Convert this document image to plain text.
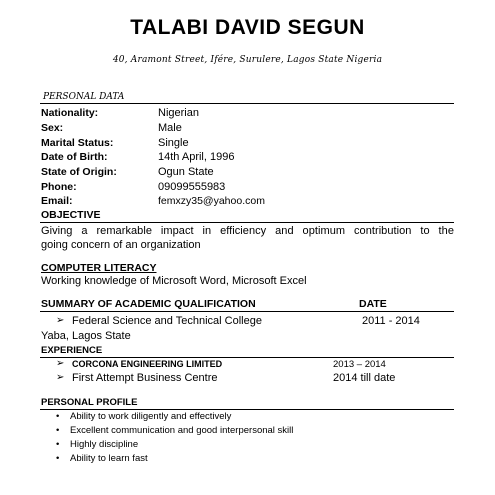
TALABI DAVID SEGUN
40, Aramont Street, Ifére, Surulere, Lagos State Nigeria
PERSONAL DATA
Nationality:	Nigerian
Sex:	Male
Marital Status:	Single
Date of Birth:	14th April, 1996
State of Origin:	Ogun State
Phone:	09099555983
Email:	femxzy35@yahoo.com
OBJECTIVE
Giving a remarkable impact in efficiency and optimum contribution to the
going concern of an organization
COMPUTER LITERACY
Working knowledge of Microsoft Word, Microsoft Excel
SUMMARY OF ACADEMIC QUALIFICATION	DATE
➢ Federal Science and Technical College	2011 - 2014
Yaba, Lagos State
EXPERIENCE
➢ CORCONA ENGINEERING LIMITED	2013 – 2014
➢ First Attempt Business Centre	2014 till date
PERSONAL PROFILE
• Ability to work diligently and effectively
• Excellent communication and good interpersonal skill
• Highly discipline
• Ability to learn fast
